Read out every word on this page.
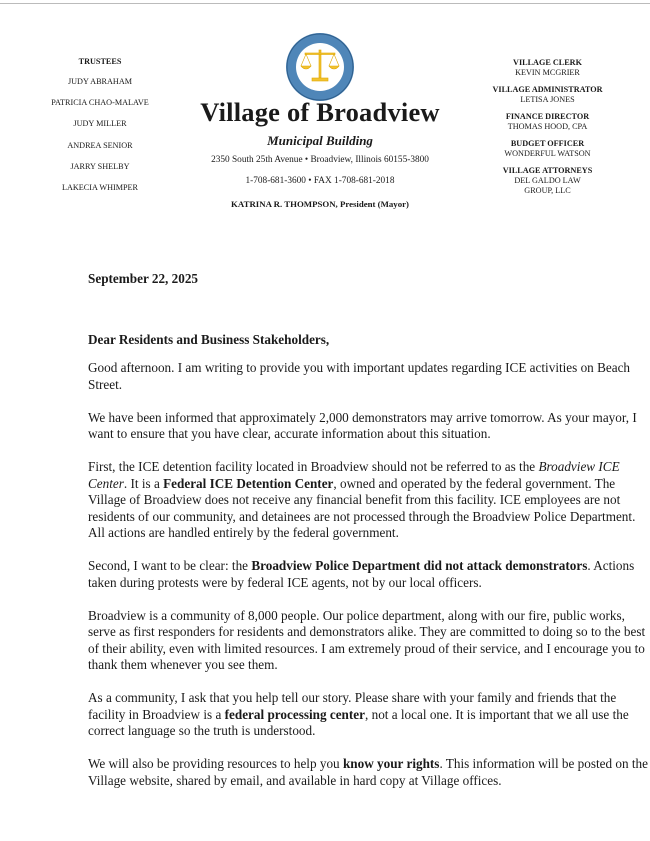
TRUSTEES
JUDY ABRAHAM
PATRICIA CHAO-MALAVE
JUDY MILLER
ANDREA SENIOR
JARRY SHELBY
LAKECIA WHIMPER
Village of Broadview
Municipal Building
2350 South 25th Avenue • Broadview, Illinois 60155-3800
1-708-681-3600 • FAX 1-708-681-2018
KATRINA R. THOMPSON, President (Mayor)
VILLAGE CLERK
KEVIN MCGRIER
VILLAGE ADMINISTRATOR
LETISA JONES
FINANCE DIRECTOR
THOMAS HOOD, CPA
BUDGET OFFICER
WONDERFUL WATSON
VILLAGE ATTORNEYS
DEL GALDO LAW GROUP, LLC
September 22, 2025
Dear Residents and Business Stakeholders,

Good afternoon. I am writing to provide you with important updates regarding ICE activities on Beach Street.

We have been informed that approximately 2,000 demonstrators may arrive tomorrow. As your mayor, I want to ensure that you have clear, accurate information about this situation.

First, the ICE detention facility located in Broadview should not be referred to as the Broadview ICE Center. It is a Federal ICE Detention Center, owned and operated by the federal government. The Village of Broadview does not receive any financial benefit from this facility. ICE employees are not residents of our community, and detainees are not processed through the Broadview Police Department. All actions are handled entirely by the federal government.

Second, I want to be clear: the Broadview Police Department did not attack demonstrators. Actions taken during protests were by federal ICE agents, not by our local officers.

Broadview is a community of 8,000 people. Our police department, along with our fire, public works, serve as first responders for residents and demonstrators alike. They are committed to doing so to the best of their ability, even with limited resources. I am extremely proud of their service, and I encourage you to thank them whenever you see them.

As a community, I ask that you help tell our story. Please share with your family and friends that the facility in Broadview is a federal processing center, not a local one. It is important that we all use the correct language so the truth is understood.

We will also be providing resources to help you know your rights. This information will be posted on the Village website, shared by email, and available in hard copy at Village offices.
